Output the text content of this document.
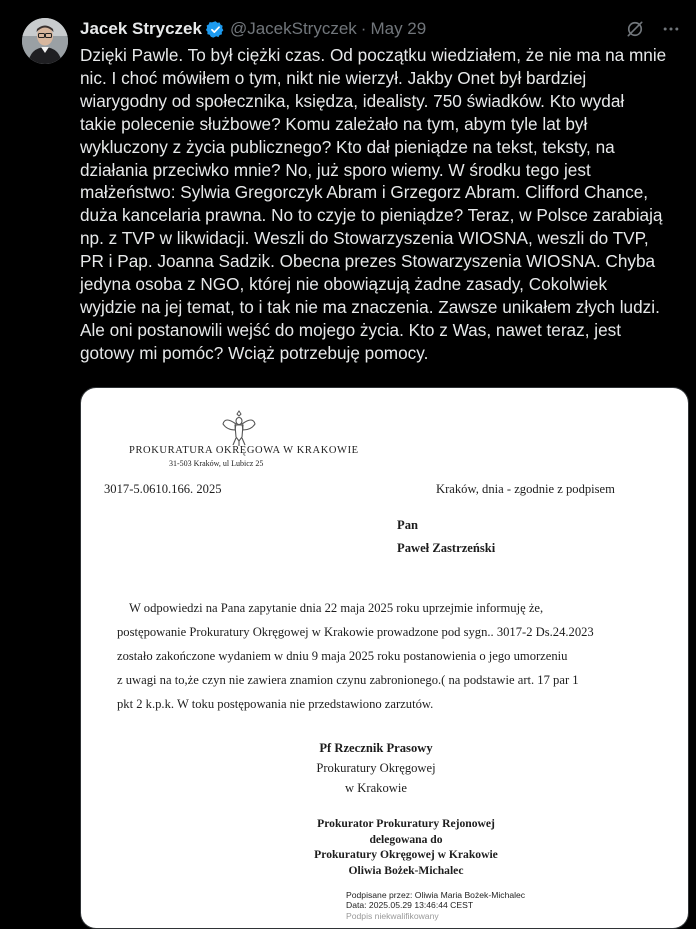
Jacek Stryczek @JacekStryczek · May 29

Dzięki Pawle. To był ciężki czas. Od początku wiedziałem, że nie ma na mnie

nic. I choć mówiłem o tym, nikt nie wierzył. Jakby Onet był bardziej

wiarygodny od społecznika, księdza, idealisty. 750 świadków. Kto wydał

takie polecenie służbowe? Komu zależało na tym, abym tyle lat był

wykluczony z życia publicznego? Kto dał pieniądze na tekst, teksty, na

działania przeciwko mnie? No, już sporo wiemy. W środku tego jest

małżeństwo: Sylwia Gregorczyk Abram i Grzegorz Abram. Clifford Chance,

duża kancelaria prawna. No to czyje to pieniądze? Teraz, w Polsce zarabiają

np. z TVP w likwidacji. Weszli do Stowarzyszenia WIOSNA, weszli do TVP,

PR i Pap. Joanna Sadzik. Obecna prezes Stowarzyszenia WIOSNA. Chyba

jedyna osoba z NGO, której nie obowiązują żadne zasady, Cokolwiek

wyjdzie na jej temat, to i tak nie ma znaczenia. Zawsze unikałem złych ludzi.

Ale oni postanowili wejść do mojego życia. Kto z Was, nawet teraz, jest

gotowy mi pomóc? Wciąż potrzebuję pomocy.

PROKURATURA OKRĘGOWA W KRAKOWIE
31-503 Kraków, ul Lubicz 25
3017-5.0610.166. 2025	Kraków, dnia - zgodnie z podpisem
Pan
Paweł Zastrzeński
W odpowiedzi na Pana zapytanie dnia 22 maja 2025 roku uprzejmie informuję że,
postępowanie Prokuratury Okręgowej w Krakowie prowadzone pod sygn.. 3017-2 Ds.24.2023
zostało zakończone wydaniem w dniu 9 maja 2025 roku postanowienia o jego umorzeniu
z uwagi na to,że czyn nie zawiera znamion czynu zabronionego.( na podstawie art. 17 par 1
pkt 2 k.p.k. W toku postępowania nie przedstawiono zarzutów.
Pf Rzecznik Prasowy
Prokuratury Okręgowej
w Krakowie
Prokurator Prokuratury Rejonowej
delegowana do
Prokuratury Okręgowej w Krakowie
Oliwia Bożek-Michalec
Podpisane przez: Oliwia Maria Bożek-Michalec
Data: 2025.05.29 13:46:44 CEST
Podpis niekwalifikowany
